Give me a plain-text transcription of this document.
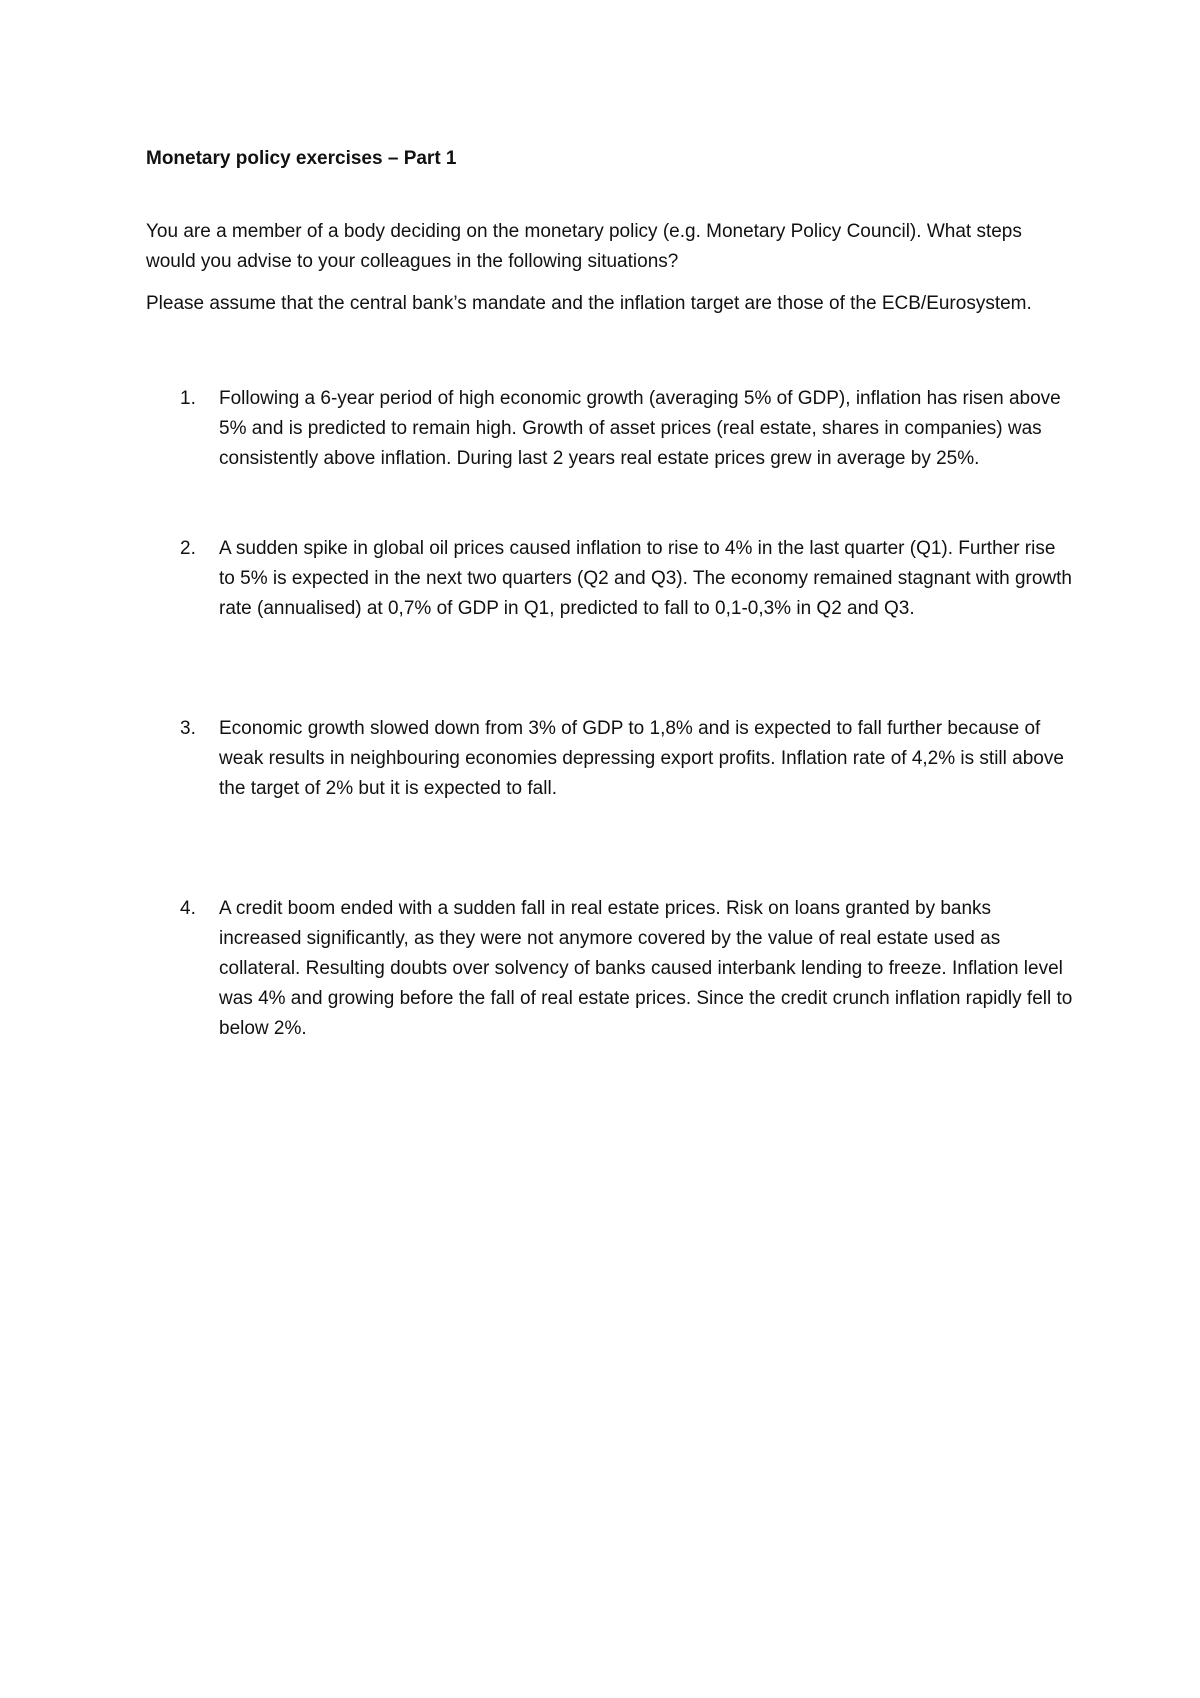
Monetary policy exercises – Part 1

You are a member of a body deciding on the monetary policy (e.g. Monetary Policy Council). What steps would you advise to your colleagues in the following situations?

Please assume that the central bank’s mandate and the inflation target are those of the ECB/Eurosystem.

1. Following a 6-year period of high economic growth (averaging 5% of GDP), inflation has risen above 5% and is predicted to remain high. Growth of asset prices (real estate, shares in companies) was consistently above inflation. During last 2 years real estate prices grew in average by 25%.
2. A sudden spike in global oil prices caused inflation to rise to 4% in the last quarter (Q1). Further rise to 5% is expected in the next two quarters (Q2 and Q3). The economy remained stagnant with growth rate (annualised) at 0,7% of GDP in Q1, predicted to fall to 0,1-0,3% in Q2 and Q3.
3. Economic growth slowed down from 3% of GDP to 1,8% and is expected to fall further because of weak results in neighbouring economies depressing export profits. Inflation rate of 4,2% is still above the target of 2% but it is expected to fall.
4. A credit boom ended with a sudden fall in real estate prices. Risk on loans granted by banks increased significantly, as they were not anymore covered by the value of real estate used as collateral. Resulting doubts over solvency of banks caused interbank lending to freeze. Inflation level was 4% and growing before the fall of real estate prices. Since the credit crunch inflation rapidly fell to below 2%.
